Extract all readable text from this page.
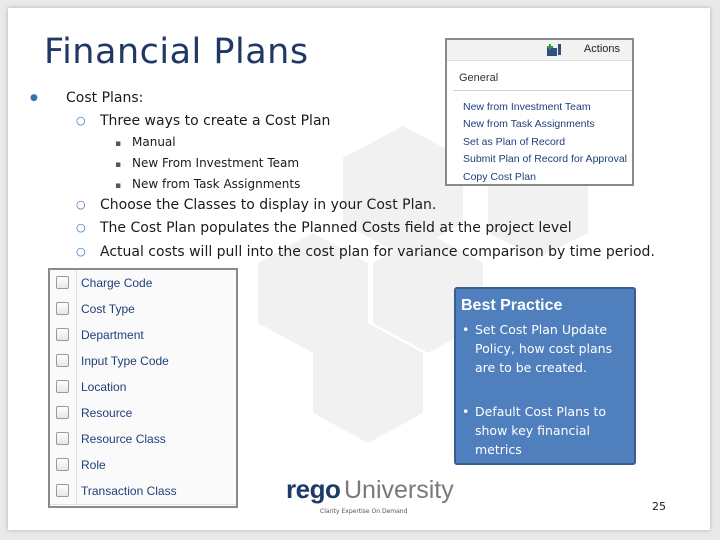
Financial Plans
● Cost Plans:
○ Three ways to create a Cost Plan
▪ Manual
▪ New From Investment Team
▪ New from Task Assignments
○ Choose the Classes to display in your Cost Plan.
○ The Cost Plan populates the Planned Costs field at the project level
○ Actual costs will pull into the cost plan for variance comparison by time period.
Actions
General
New from Investment Team
New from Task Assignments
Set as Plan of Record
Submit Plan of Record for Approval
Copy Cost Plan
Charge Code
Cost Type
Department
Input Type Code
Location
Resource
Resource Class
Role
Transaction Class
Best Practice
• Set Cost Plan Update Policy, how cost plans are to be created.
• Default Cost Plans to show key financial metrics
rego University
Clarity Expertise On Demand	25
